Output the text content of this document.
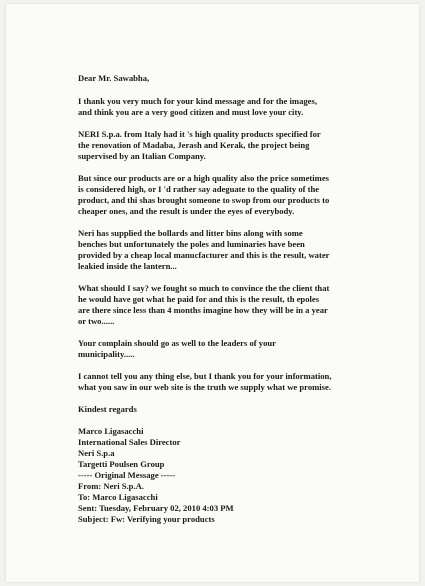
Dear Mr. Sawabha,

I thank you very much for your kind message and for the images,
and think you are a very good citizen and must love your city.

NERI S.p.a. from Italy had it 's high quality products specified for
the renovation of Madaba, Jerash and Kerak, the project being
supervised by an Italian Company.

But since our products are or a high quality also the price sometimes
is considered high, or I 'd rather say adeguate to the quality of the
product, and thi shas brought someone to swop from our products to
cheaper ones, and the result is under the eyes of everybody.

Neri has supplied the bollards and litter bins along with some
benches but unfortunately the poles and luminaries have been
provided by a cheap local manucfacturer and this is the result, water
leakied inside the lantern...

What should I say? we fought so much to convince the the client that
he would have got what he paid for and this is the result, th epoles
are there since less than 4 months imagine how they will be in a year
or two......

Your complain should go as well to the leaders of your
municipality.....

I cannot tell you any thing else, but I thank you for your information,
what you saw in our web site is the truth we supply what we promise.

Kindest regards

Marco Ligasacchi
International Sales Director
Neri S.p.a
Targetti Poulsen Group
----- Original Message -----
From: Neri S.p.A.
To: Marco Ligasacchi
Sent: Tuesday, February 02, 2010 4:03 PM
Subject: Fw: Verifying your products
